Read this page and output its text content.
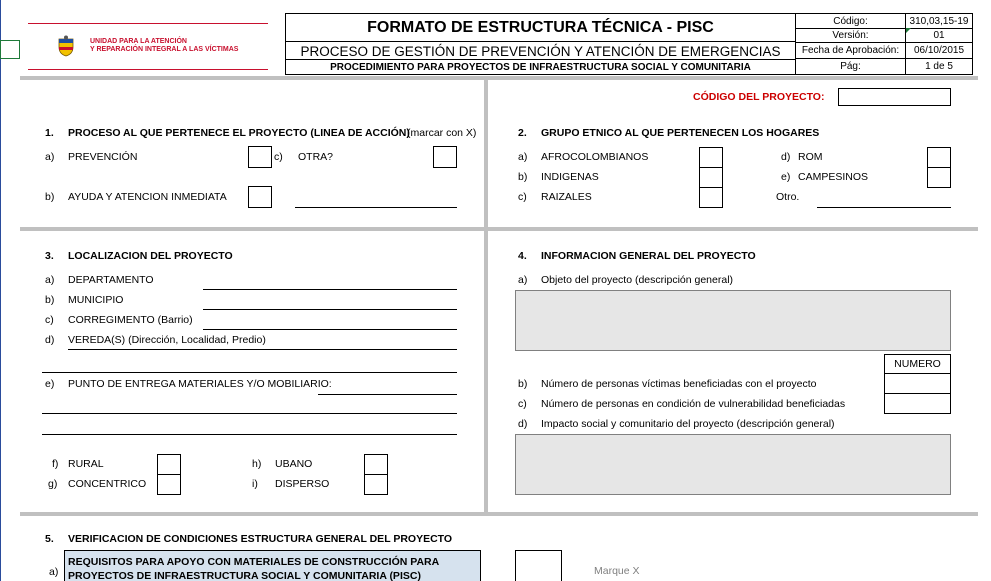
UNIDAD PARA LA ATENCIÓN
Y REPARACIÓN INTEGRAL A LAS VÍCTIMAS
FORMATO DE ESTRUCTURA TÉCNICA - PISC
PROCESO DE GESTIÓN DE PREVENCIÓN Y ATENCIÓN DE EMERGENCIAS
PROCEDIMIENTO PARA PROYECTOS DE INFRAESTRUCTURA SOCIAL Y COMUNITARIA
Código:	310,03,15-19
Versión:	01
Fecha de Aprobación:	06/10/2015
Pág:	1 de 5
CÓDIGO DEL PROYECTO:
1. PROCESO AL QUE PERTENECE EL PROYECTO (LINEA DE ACCIÓN)
(marcar con X)
a) PREVENCIÓN	c) OTRA?
b) AYUDA Y ATENCION INMEDIATA
2. GRUPO ETNICO AL QUE PERTENECEN LOS HOGARES
a) AFROCOLOMBIANOS
b) INDIGENAS
c) RAIZALES
d) ROM
e) CAMPESINOS
Otro.
3. LOCALIZACION DEL PROYECTO
a) DEPARTAMENTO
b) MUNICIPIO
c) CORREGIMENTO (Barrio)
d) VEREDA(S) (Dirección, Localidad, Predio)
e) PUNTO DE ENTREGA MATERIALES Y/O MOBILIARIO:
f) RURAL
g) CONCENTRICO
h) UBANO
i) DISPERSO
4. INFORMACION GENERAL DEL PROYECTO
a) Objeto del proyecto (descripción general)
NUMERO
b) Número de personas víctimas beneficiadas con el proyecto
c) Número de personas en condición de vulnerabilidad beneficiadas
d) Impacto social y comunitario del proyecto (descripción general)
5. VERIFICACION DE CONDICIONES ESTRUCTURA GENERAL DEL PROYECTO
a)
REQUISITOS PARA APOYO CON MATERIALES DE CONSTRUCCIÓN PARA PROYECTOS DE INFRAESTRUCTURA SOCIAL Y COMUNITARIA (PISC)	Marque X
